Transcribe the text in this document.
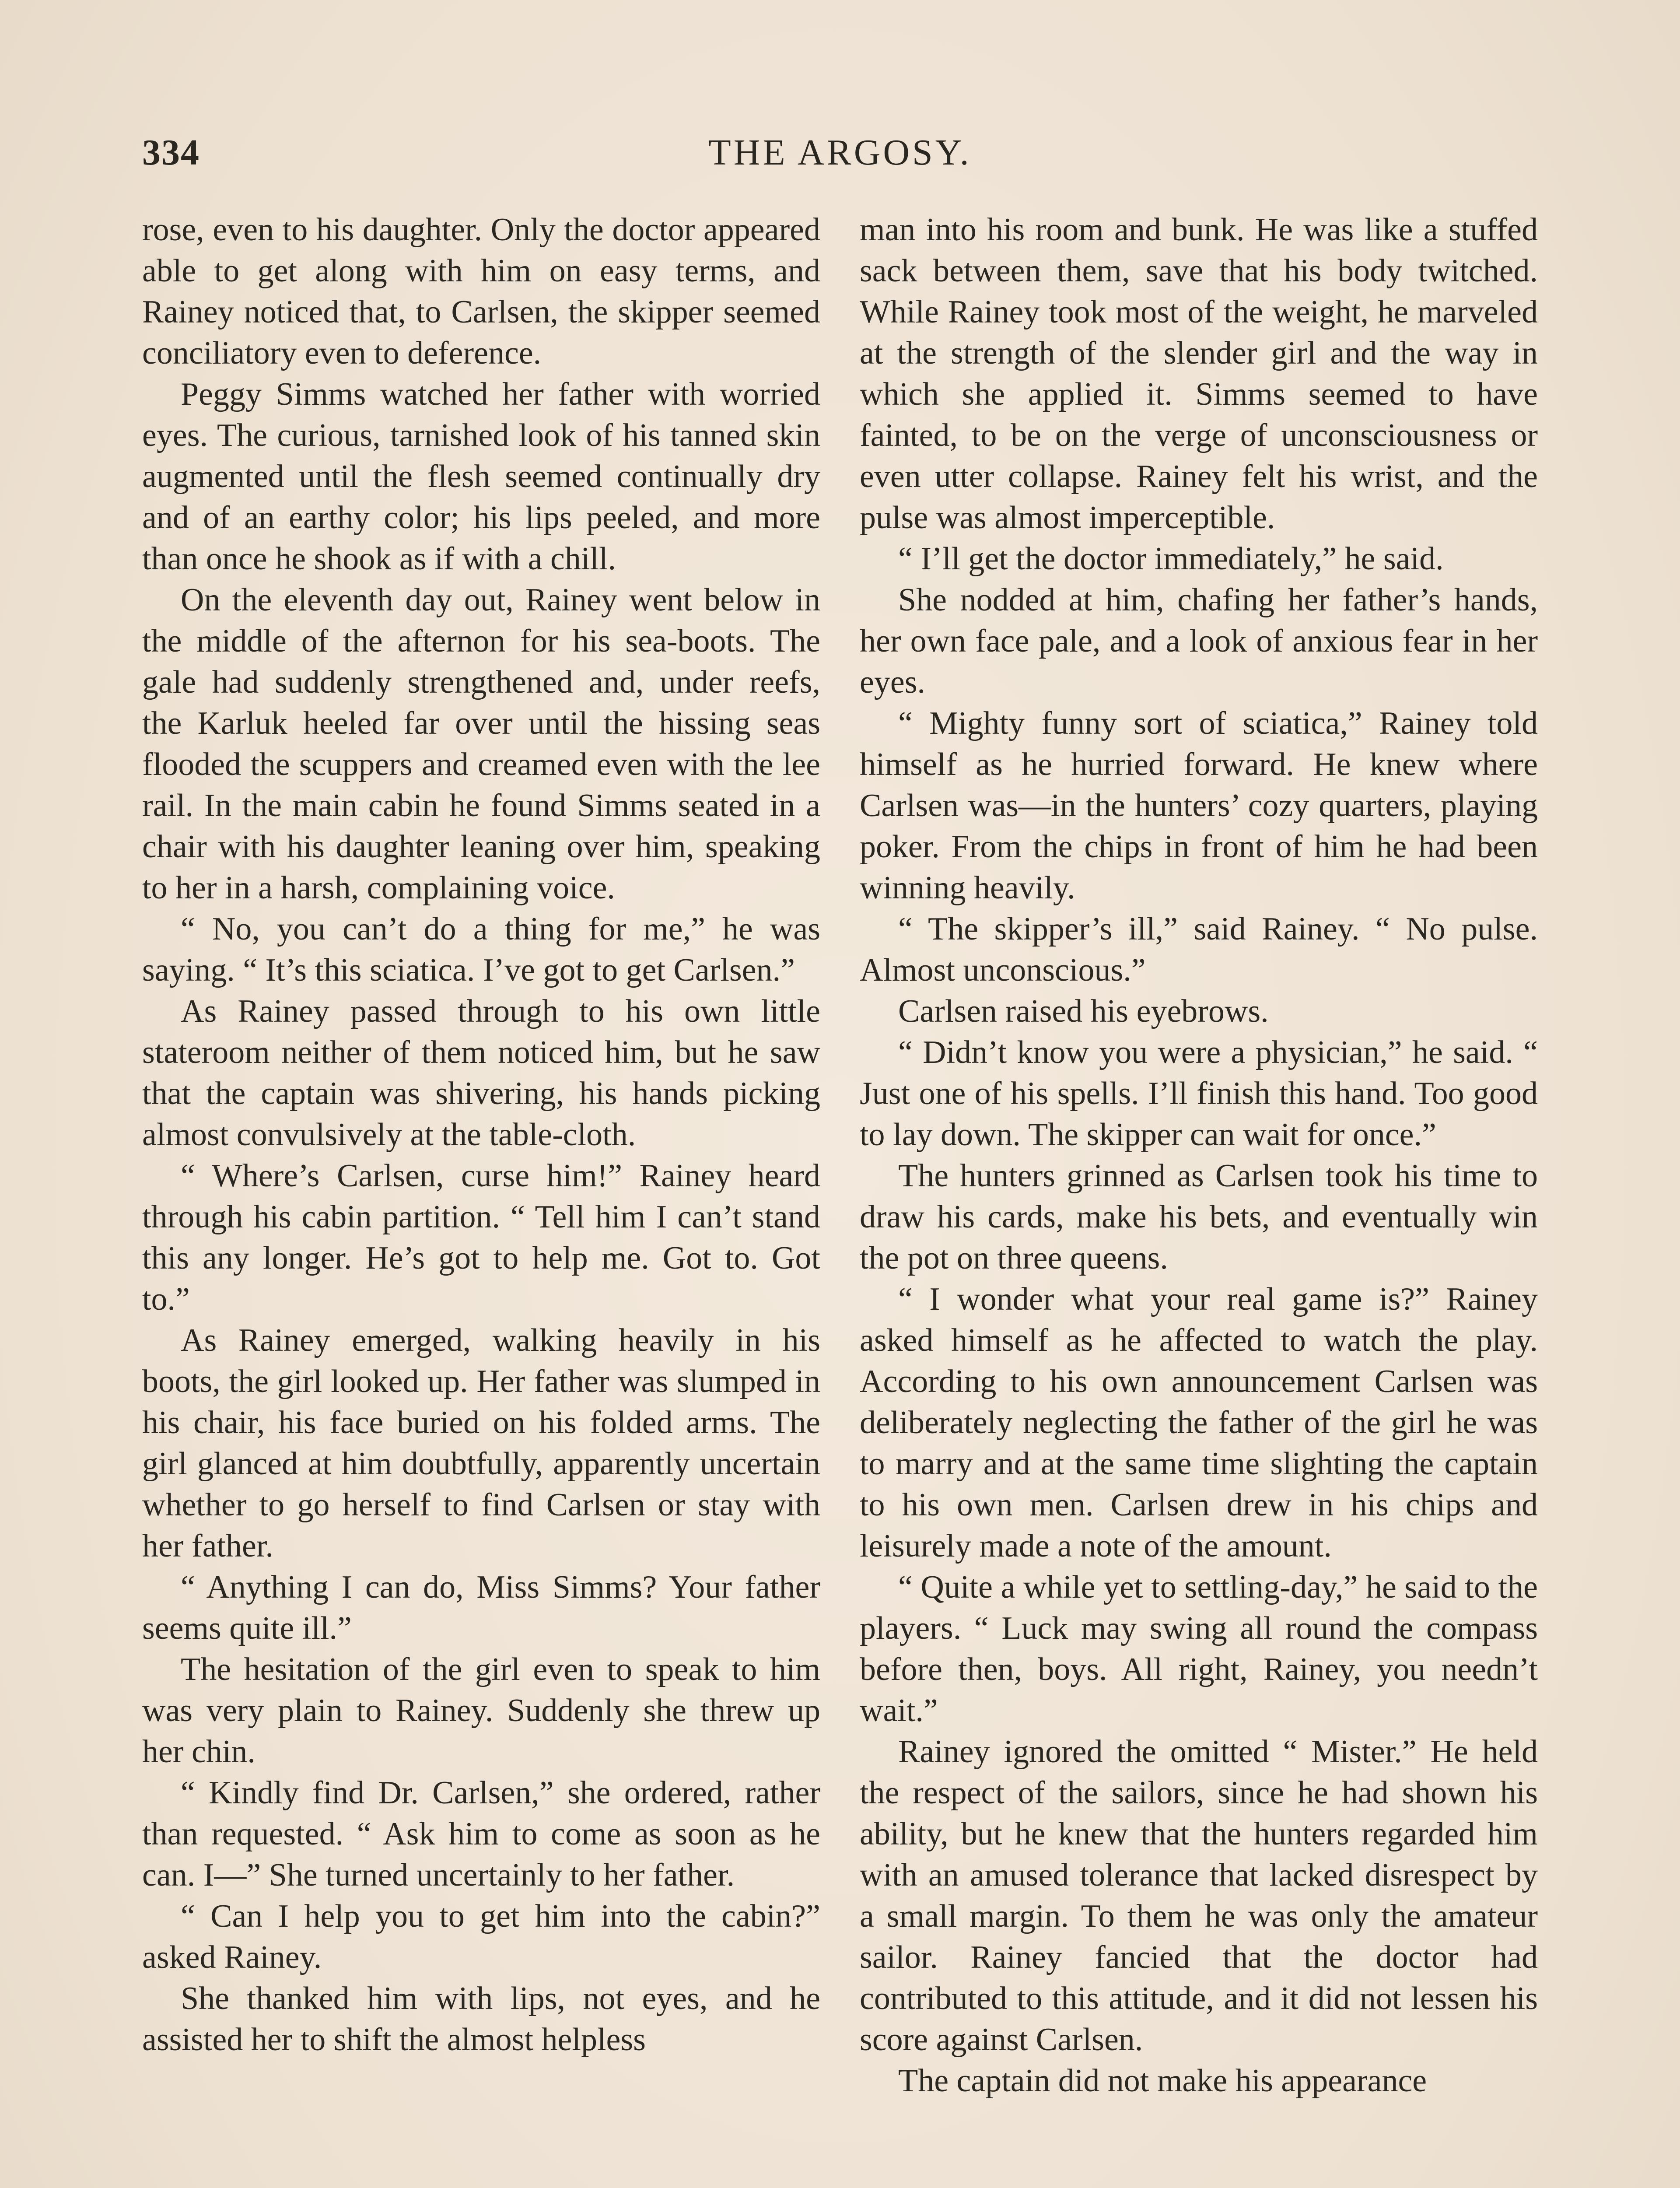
334	THE ARGOSY.

rose, even to his daughter. Only the doctor appeared able to get along with him on easy terms, and Rainey noticed that, to Carlsen, the skipper seemed conciliatory even to deference.

Peggy Simms watched her father with worried eyes. The curious, tarnished look of his tanned skin augmented until the flesh seemed continually dry and of an earthy color; his lips peeled, and more than once he shook as if with a chill.

On the eleventh day out, Rainey went below in the middle of the afternon for his sea-boots. The gale had suddenly strengthened and, under reefs, the Karluk heeled far over until the hissing seas flooded the scuppers and creamed even with the lee rail. In the main cabin he found Simms seated in a chair with his daughter leaning over him, speaking to her in a harsh, complaining voice.

“ No, you can’t do a thing for me,” he was saying. “ It’s this sciatica. I’ve got to get Carlsen.”

As Rainey passed through to his own little stateroom neither of them noticed him, but he saw that the captain was shivering, his hands picking almost convulsively at the table-cloth.

“ Where’s Carlsen, curse him!” Rainey heard through his cabin partition. “ Tell him I can’t stand this any longer. He’s got to help me. Got to. Got to.”

As Rainey emerged, walking heavily in his boots, the girl looked up. Her father was slumped in his chair, his face buried on his folded arms. The girl glanced at him doubtfully, apparently uncertain whether to go herself to find Carlsen or stay with her father.

“ Anything I can do, Miss Simms? Your father seems quite ill.”

The hesitation of the girl even to speak to him was very plain to Rainey. Suddenly she threw up her chin.

“ Kindly find Dr. Carlsen,” she ordered, rather than requested. “ Ask him to come as soon as he can. I—” She turned uncertainly to her father.

“ Can I help you to get him into the cabin?” asked Rainey.

She thanked him with lips, not eyes, and he assisted her to shift the almost helpless

man into his room and bunk. He was like a stuffed sack between them, save that his body twitched. While Rainey took most of the weight, he marveled at the strength of the slender girl and the way in which she applied it. Simms seemed to have fainted, to be on the verge of unconsciousness or even utter collapse. Rainey felt his wrist, and the pulse was almost imperceptible.

“ I’ll get the doctor immediately,” he said.

She nodded at him, chafing her father’s hands, her own face pale, and a look of anxious fear in her eyes.

“ Mighty funny sort of sciatica,” Rainey told himself as he hurried forward. He knew where Carlsen was—in the hunters’ cozy quarters, playing poker. From the chips in front of him he had been winning heavily.

“ The skipper’s ill,” said Rainey. “ No pulse. Almost unconscious.”

Carlsen raised his eyebrows.

“ Didn’t know you were a physician,” he said. “ Just one of his spells. I’ll finish this hand. Too good to lay down. The skipper can wait for once.”

The hunters grinned as Carlsen took his time to draw his cards, make his bets, and eventually win the pot on three queens.

“ I wonder what your real game is?” Rainey asked himself as he affected to watch the play. According to his own announcement Carlsen was deliberately neglecting the father of the girl he was to marry and at the same time slighting the captain to his own men. Carlsen drew in his chips and leisurely made a note of the amount.

“ Quite a while yet to settling-day,” he said to the players. “ Luck may swing all round the compass before then, boys. All right, Rainey, you needn’t wait.”

Rainey ignored the omitted “ Mister.” He held the respect of the sailors, since he had shown his ability, but he knew that the hunters regarded him with an amused tolerance that lacked disrespect by a small margin. To them he was only the amateur sailor. Rainey fancied that the doctor had contributed to this attitude, and it did not lessen his score against Carlsen.

The captain did not make his appearance
